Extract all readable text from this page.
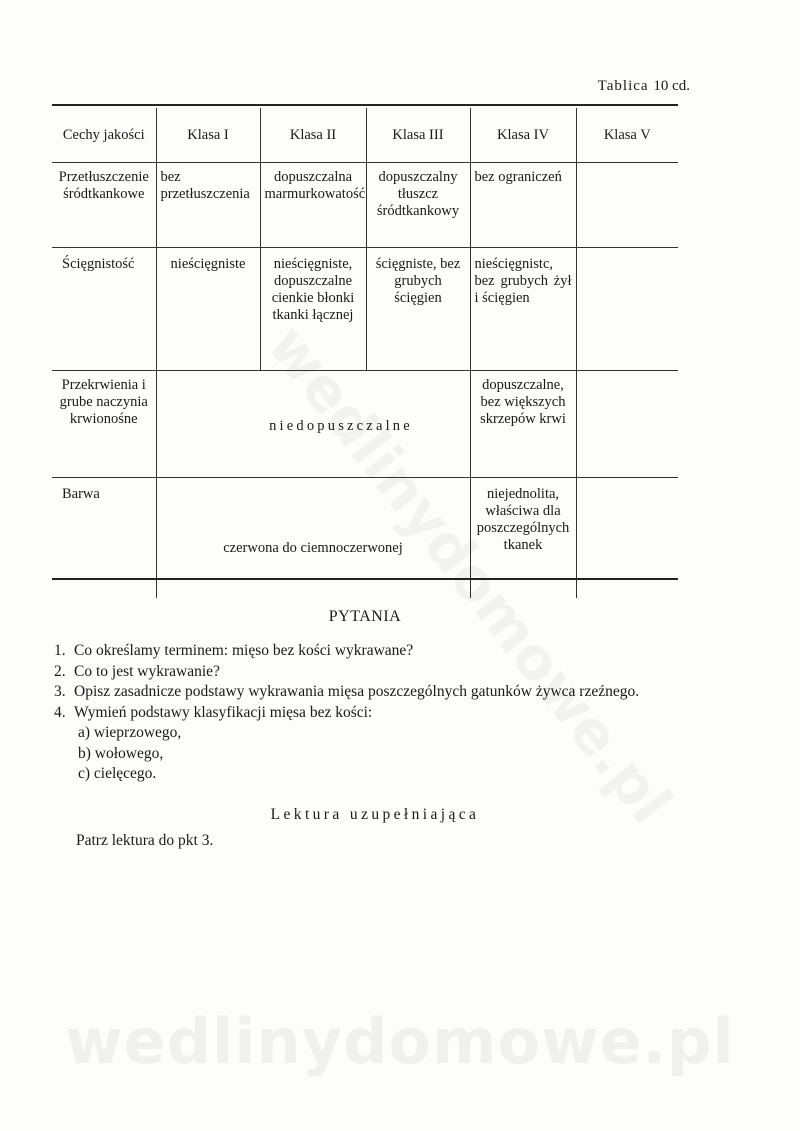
Tablica 10 cd.
Cechy jakości	Klasa I	Klasa II	Klasa III	Klasa IV	Klasa V
Przetłuszczenie śródtkankowe	bez przetłuszczenia	dopuszczalna marmurkowatość	dopuszczalny tłuszcz śródtkankowy	bez ograniczeń	
Ścięgnistość	nieścięgniste	nieścięgniste, dopuszczalne cienkie błonki tkanki łącznej	ścięgniste, bez grubych ścięgien	nieścięgnistc, bez grubych żył i ścięgien	
Przekrwienia i grube naczynia krwionośne	niedopuszczalne			dopuszczalne, bez większych skrzepów krwi	
Barwa	czerwona do ciemnoczerwonej			niejednolita, właściwa dla poszczególnych tkanek	
PYTANIA
1. Co określamy terminem: mięso bez kości wykrawane?
2. Co to jest wykrawanie?
3. Opisz zasadnicze podstawy wykrawania mięsa poszczególnych gatunków żywca rzeźnego.
4. Wymień podstawy klasyfikacji mięsa bez kości:
a) wieprzowego,
b) wołowego,
c) cielęcego.
Lektura uzupełniająca
Patrz lektura do pkt 3.
wedlinydomowe.pl
